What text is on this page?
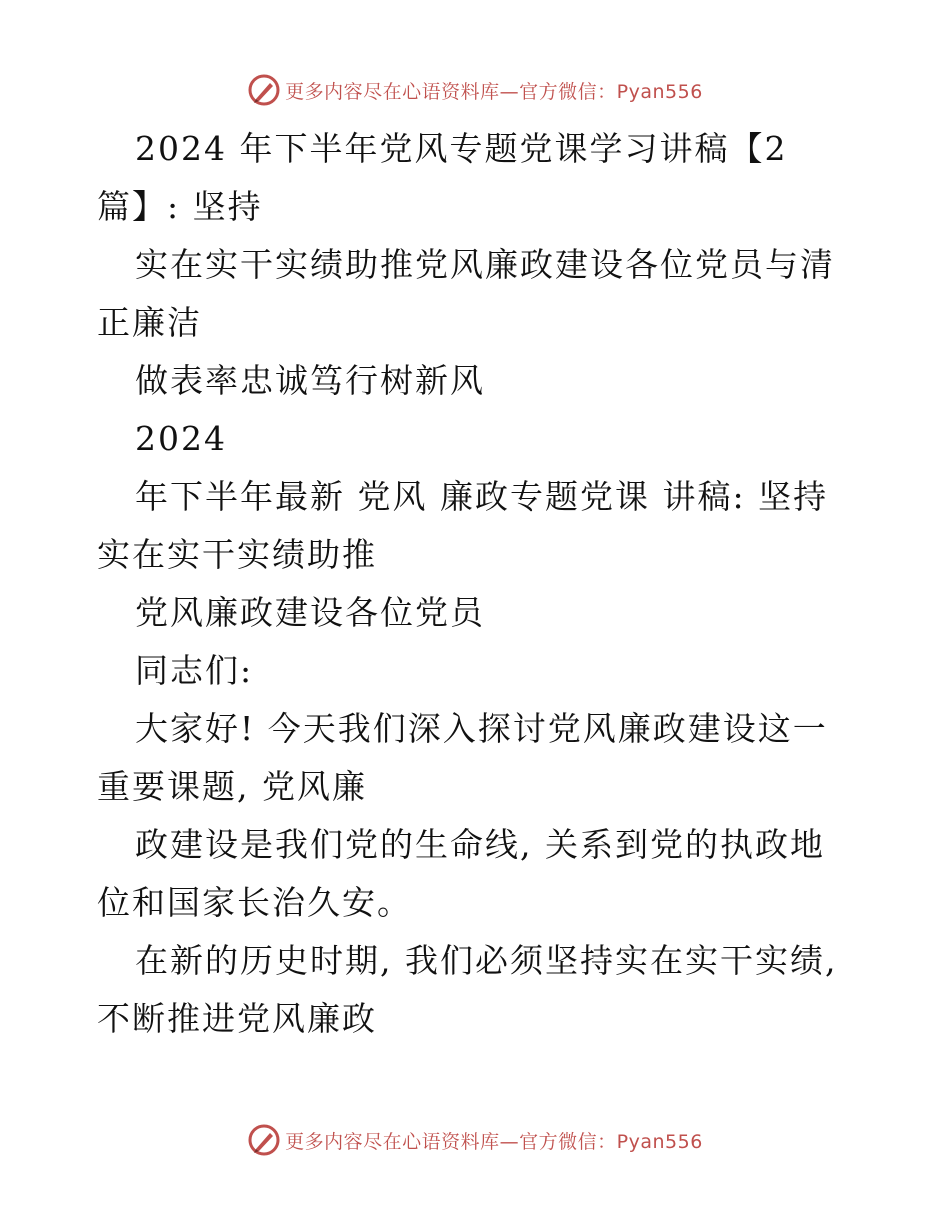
更多内容尽在心语资料库—官方微信：Pyan556

2024 年下半年党风专题党课学习讲稿【2 篇】: 坚持

实在实干实绩助推党风廉政建设各位党员与清正廉洁

做表率忠诚笃行树新风

2024

年下半年最新 党风 廉政专题党课 讲稿: 坚持实在实干实绩助推

党风廉政建设各位党员

同志们:

大家好! 今天我们深入探讨党风廉政建设这一重要课题, 党风廉

政建设是我们党的生命线, 关系到党的执政地位和国家长治久安。

在新的历史时期, 我们必须坚持实在实干实绩, 不断推进党风廉政

更多内容尽在心语资料库—官方微信：Pyan556
